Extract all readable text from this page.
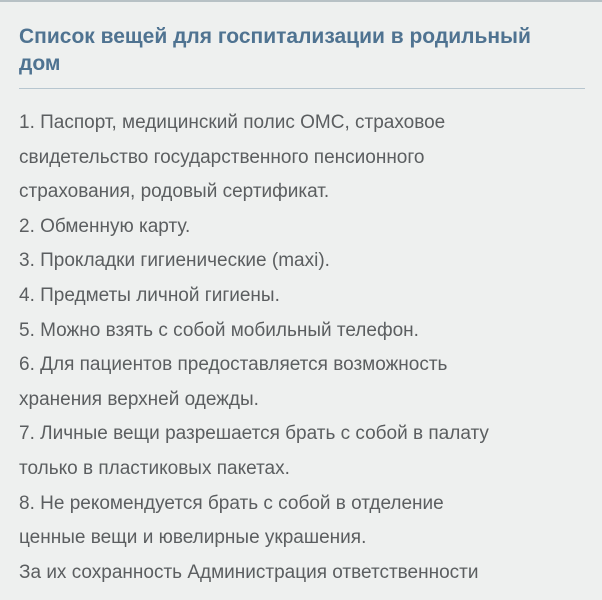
Список вещей для госпитализации в родильный
дом
1. Паспорт, медицинский полис ОМС, страховое
свидетельство государственного пенсионного
страхования, родовый сертификат.
2. Обменную карту.
3. Прокладки гигиенические (maxi).
4. Предметы личной гигиены.
5. Можно взять с собой мобильный телефон.
6. Для пациентов предоставляется возможность
хранения верхней одежды.
7. Личные вещи разрешается брать с собой в палату
только в пластиковых пакетах.
8. Не рекомендуется брать с собой в отделение
ценные вещи и ювелирные украшения.
За их сохранность Администрация ответственности
